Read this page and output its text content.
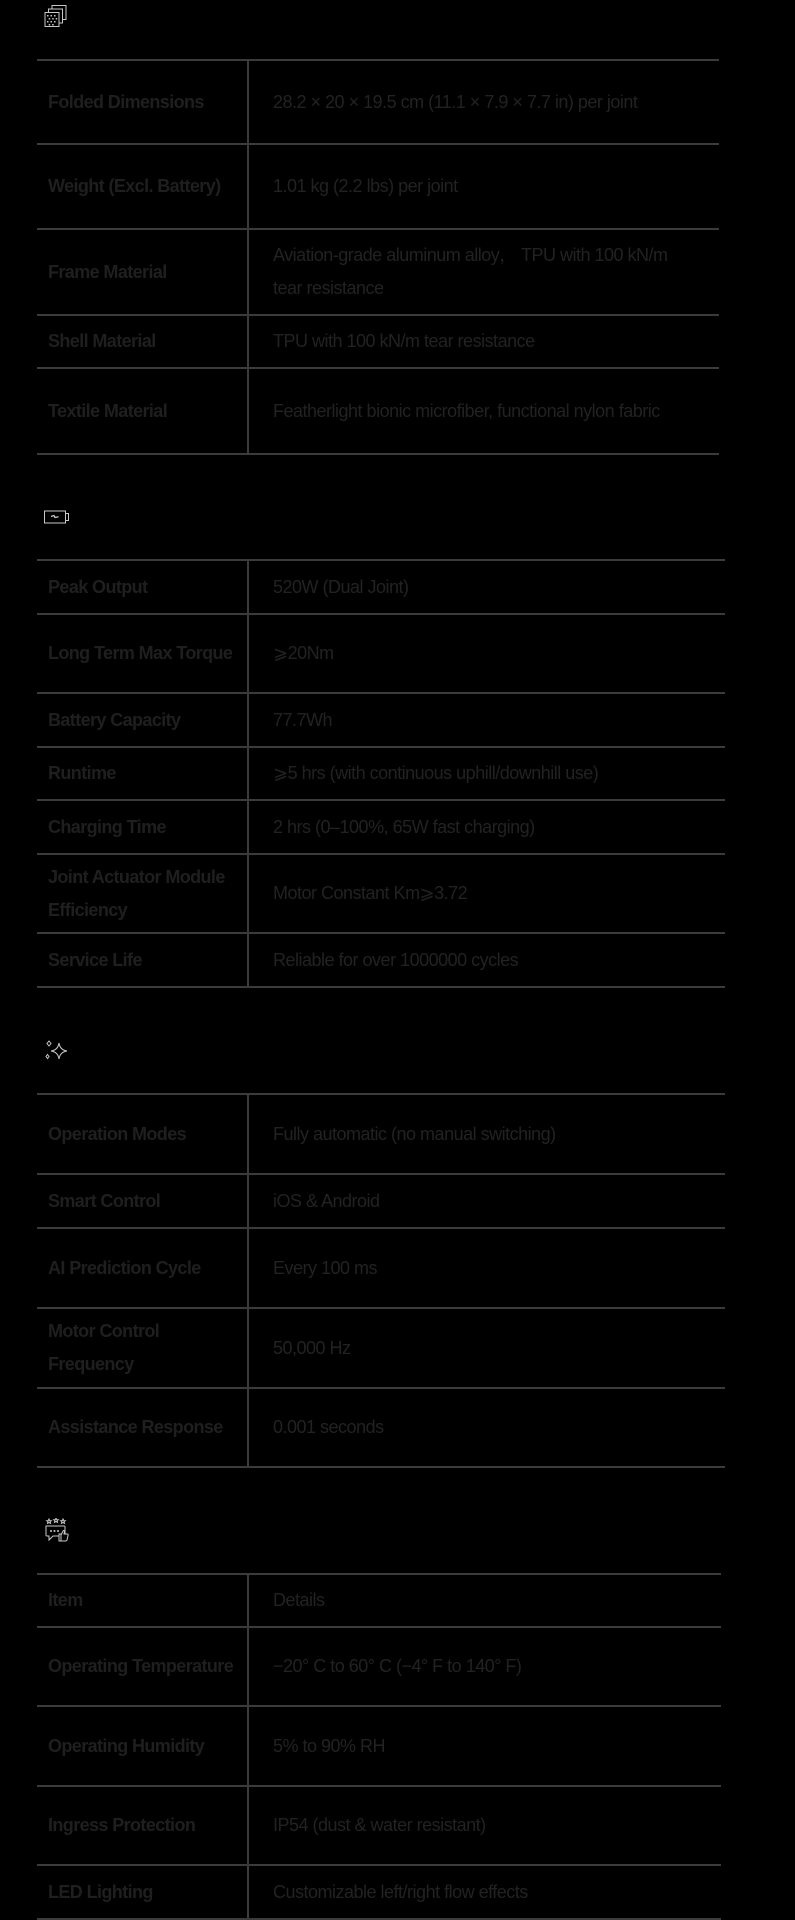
Folded Dimensions	28.2 × 20 × 19.5 cm (11.1 × 7.9 × 7.7 in) per joint
Weight (Excl. Battery)	1.01 kg (2.2 lbs) per joint
Frame Material	Aviation-grade aluminum alloy， TPU with 100 kN/m tear resistance
Shell Material	TPU with 100 kN/m tear resistance
Textile Material	Featherlight bionic microfiber, functional nylon fabric
Peak Output	520W (Dual Joint)
Long Term Max Torque	⩾20Nm
Battery Capacity	77.7Wh
Runtime	⩾5 hrs (with continuous uphill/downhill use)
Charging Time	2 hrs (0–100%, 65W fast charging)
Joint Actuator Module Efficiency	Motor Constant Km⩾3.72
Service Life	Reliable for over 1000000 cycles
Operation Modes	Fully automatic (no manual switching)
Smart Control	iOS & Android
AI Prediction Cycle	Every 100 ms
Motor Control Frequency	50,000 Hz
Assistance Response	0.001 seconds
Item	Details
Operating Temperature	−20° C to 60° C (−4° F to 140° F)
Operating Humidity	5% to 90% RH
Ingress Protection	IP54 (dust & water resistant)
LED Lighting	Customizable left/right flow effects
